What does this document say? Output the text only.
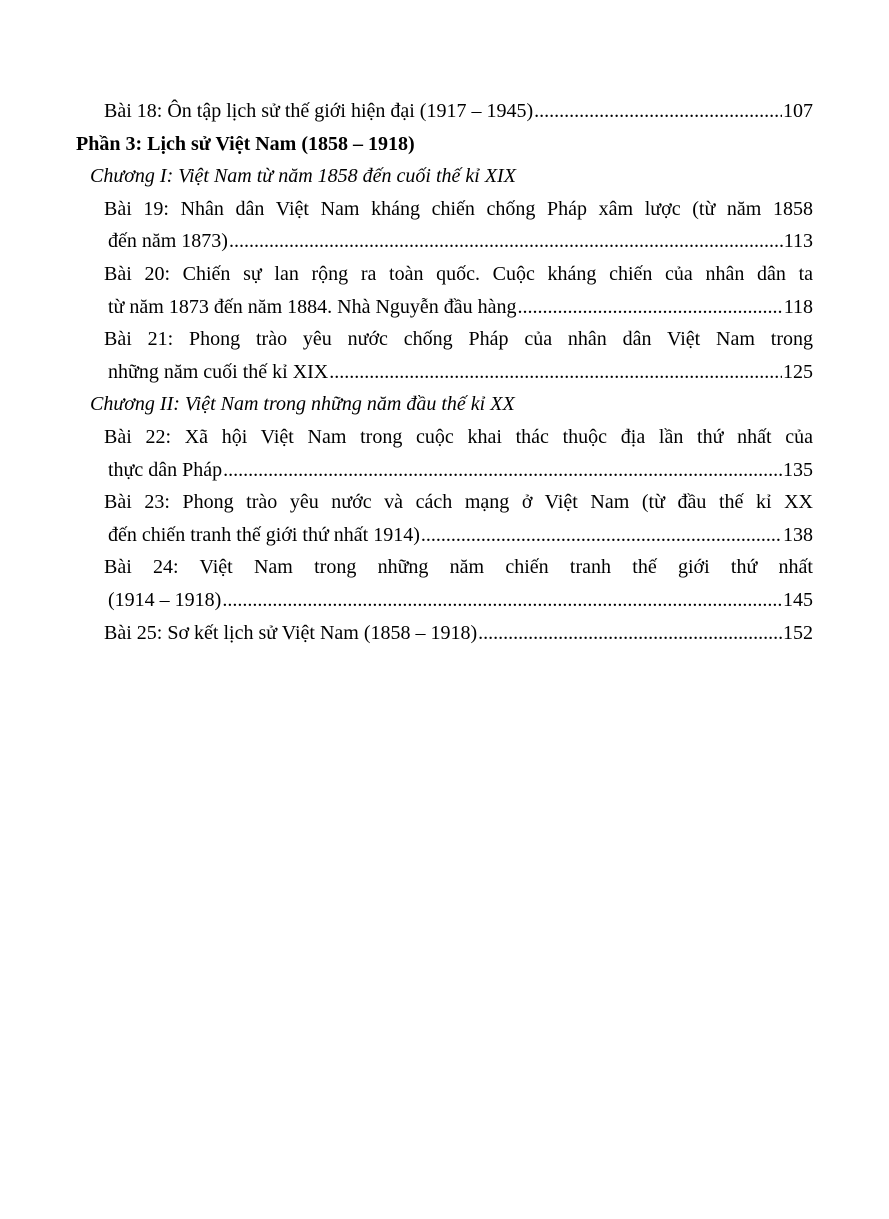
Bài 18: Ôn tập lịch sử thế giới hiện đại (1917 – 1945) .....	107
Phần 3: Lịch sử Việt Nam (1858 – 1918)
Chương I: Việt Nam từ năm 1858 đến cuối thế kỉ XIX
Bài 19: Nhân dân Việt Nam kháng chiến chống Pháp xâm lược (từ năm 1858
đến năm 1873) .....	113
Bài 20: Chiến sự lan rộng ra toàn quốc. Cuộc kháng chiến của nhân dân ta
từ năm 1873 đến năm 1884. Nhà Nguyễn đầu hàng .....	118
Bài 21: Phong trào yêu nước chống Pháp của nhân dân Việt Nam trong
những năm cuối thế kỉ XIX .....	125
Chương II: Việt Nam trong những năm đầu thế kỉ XX
Bài 22: Xã hội Việt Nam trong cuộc khai thác thuộc địa lần thứ nhất của
thực dân Pháp .....	135
Bài 23: Phong trào yêu nước và cách mạng ở Việt Nam (từ đầu thế kỉ XX
đến chiến tranh thế giới thứ nhất 1914) .....	138
Bài 24: Việt Nam trong những năm chiến tranh thế giới thứ nhất
(1914 – 1918) .....	145
Bài 25: Sơ kết lịch sử Việt Nam (1858 – 1918) .....	152
